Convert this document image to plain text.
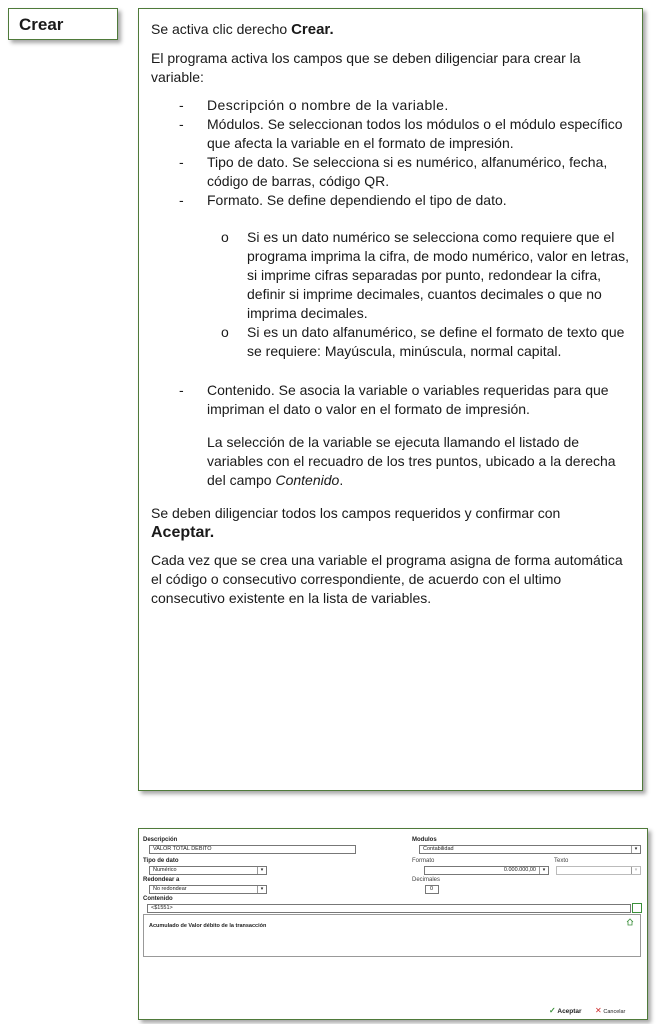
Crear	Se activa clic derecho Crear.

El programa activa los campos que se deben diligenciar para crear la variable:

- Descripción o nombre de la variable.
- Módulos. Se seleccionan todos los módulos o el módulo específico que afecta la variable en el formato de impresión.
- Tipo de dato. Se selecciona si es numérico, alfanumérico, fecha, código de barras, código QR.
- Formato. Se define dependiendo el tipo de dato.
o Si es un dato numérico se selecciona como requiere que el programa imprima la cifra, de modo numérico, valor en letras, si imprime cifras separadas por punto, redondear la cifra, definir si imprime decimales, cuantos decimales o que no imprima decimales.
o Si es un dato alfanumérico, se define el formato de texto que se requiere: Mayúscula, minúscula, normal capital.
- Contenido. Se asocia la variable o variables requeridas para que impriman el dato o valor en el formato de impresión.

La selección de la variable se ejecuta llamando el listado de variables con el recuadro de los tres puntos, ubicado a la derecha del campo Contenido.

Se deben diligenciar todos los campos requeridos y confirmar con
Aceptar.

Cada vez que se crea una variable el programa asigna de forma automática el código o consecutivo correspondiente, de acuerdo con el ultimo consecutivo existente en la lista de variables.

Descripción
VALOR TOTAL DEBITO
Modulos
Contabilidad	▾
Tipo de dato
Numérico	▾
Formato
0.000.000,00	▾
Texto
▾
Redondear a
No redondear	▾
Decimales
0
Contenido
<$1551>
Acumulado de Valor débito de la transacción
✓ Aceptar ✕ Cancelar
